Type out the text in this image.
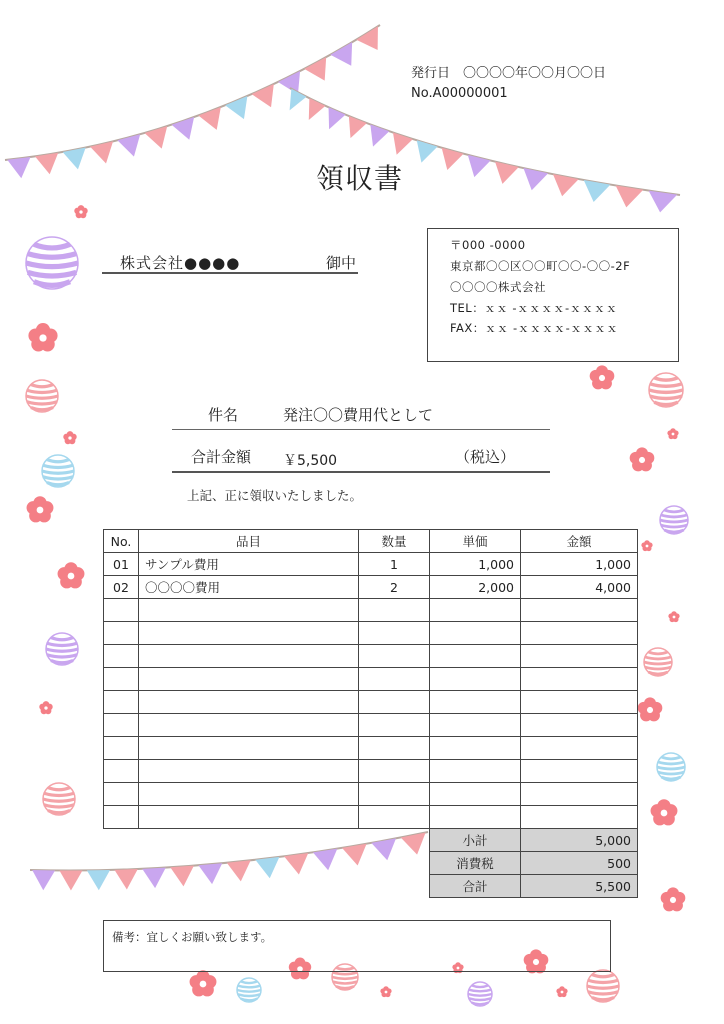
発行日　〇〇〇〇年〇〇月〇〇日
No.A00000001
領収書
株式会社●●●●	御中
〒000 -0000
東京都〇〇区〇〇町〇〇-〇〇-2F
〇〇〇〇株式会社
TEL：ｘｘ -ｘｘｘｘ-ｘｘｘｘ
FAX：ｘｘ -ｘｘｘｘ-ｘｘｘｘ
件名	発注〇〇費用代として
合計金額 ￥5,500	（税込）
上記、正に領収いたしました。
No.	品目	数量	単価	金額
01	サンプル費用	1	1,000	1,000
02	〇〇〇〇費用	2	2,000	4,000

小計	5,000
消費税	500
合計	5,500
備考：宜しくお願い致します。
